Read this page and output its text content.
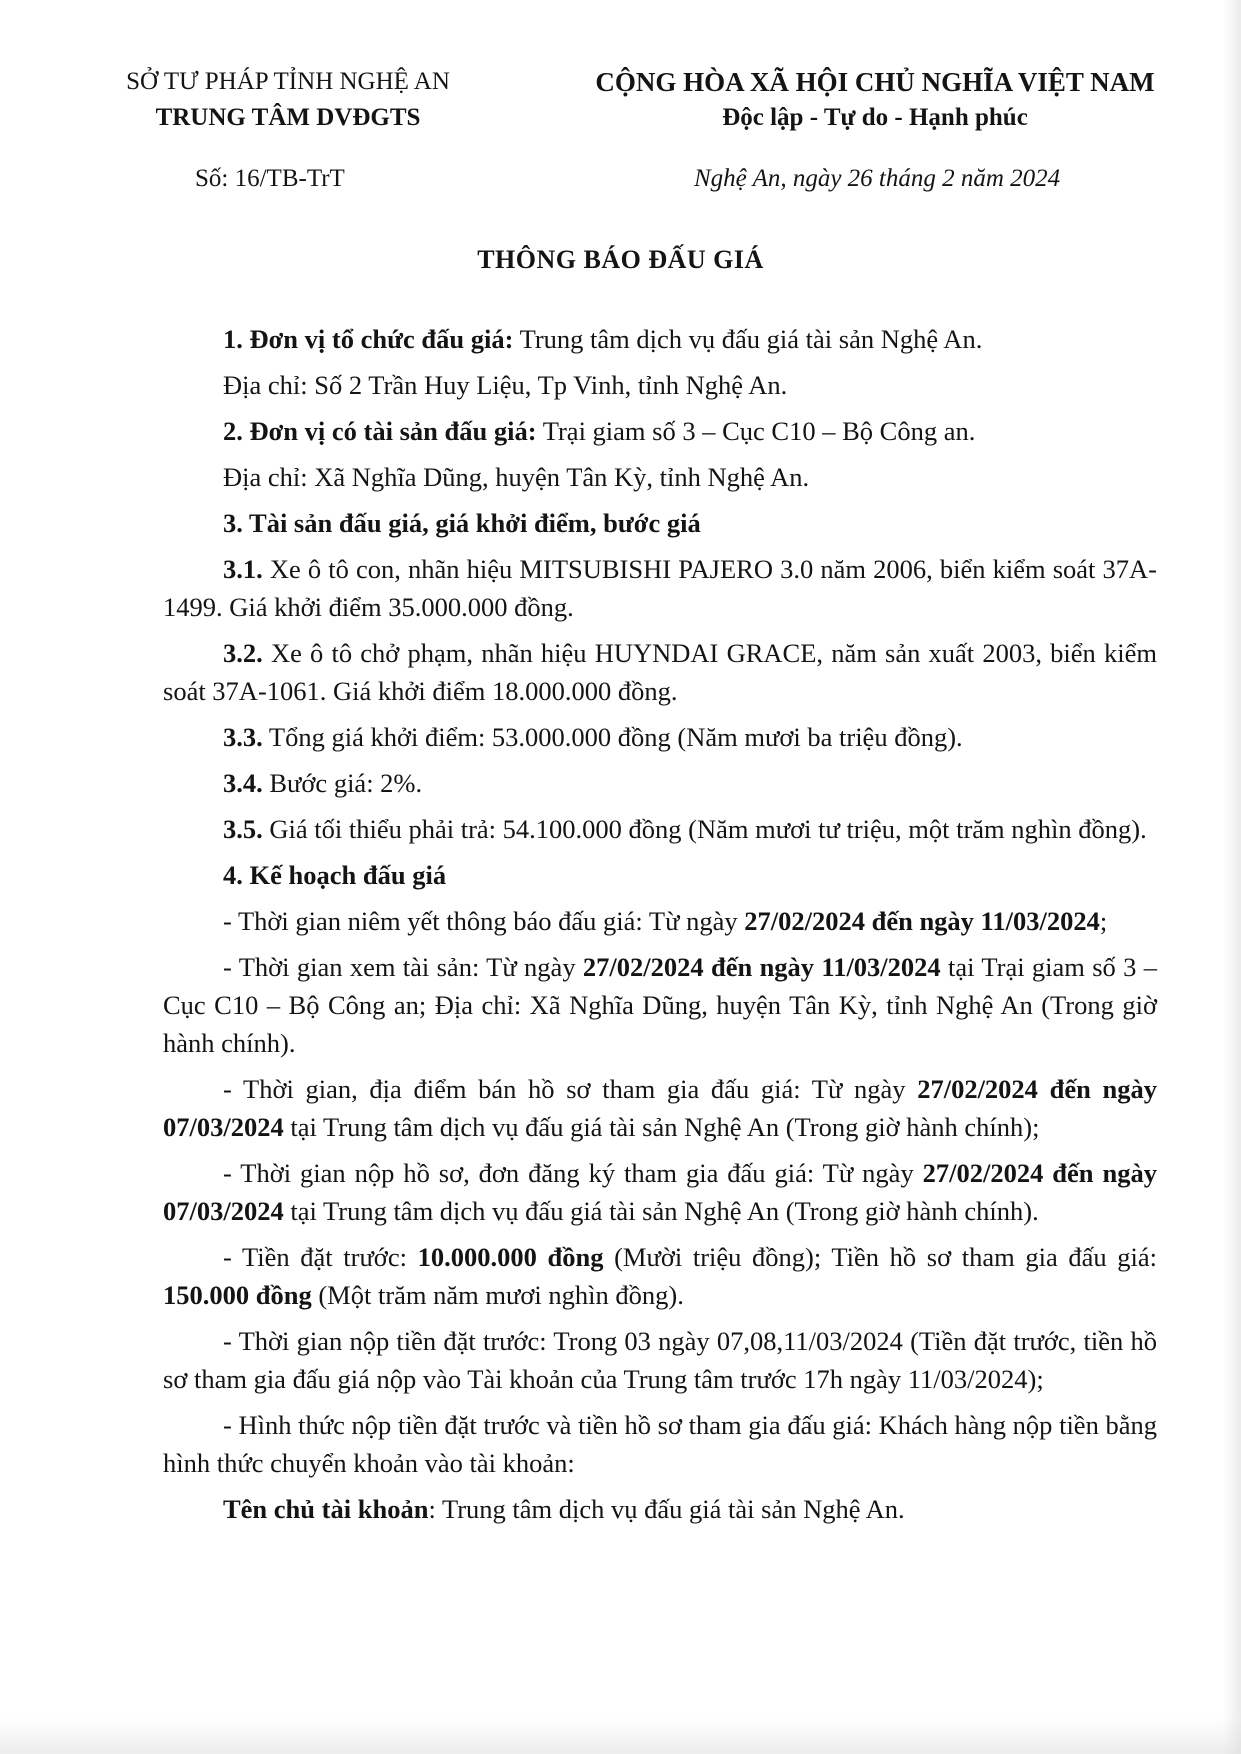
SỞ TƯ PHÁP TỈNH NGHỆ AN
TRUNG TÂM DVĐGTS
CỘNG HÒA XÃ HỘI CHỦ NGHĨA VIỆT NAM
Độc lập - Tự do - Hạnh phúc
Số: 16/TB-TrT	Nghệ An, ngày 26 tháng 2 năm 2024
THÔNG BÁO ĐẤU GIÁ

1. Đơn vị tổ chức đấu giá: Trung tâm dịch vụ đấu giá tài sản Nghệ An.

Địa chỉ: Số 2 Trần Huy Liệu, Tp Vinh, tỉnh Nghệ An.

2. Đơn vị có tài sản đấu giá: Trại giam số 3 – Cục C10 – Bộ Công an.

Địa chỉ: Xã Nghĩa Dũng, huyện Tân Kỳ, tỉnh Nghệ An.

3. Tài sản đấu giá, giá khởi điểm, bước giá

3.1. Xe ô tô con, nhãn hiệu MITSUBISHI PAJERO 3.0 năm 2006, biển kiểm soát 37A-1499. Giá khởi điểm 35.000.000 đồng.

3.2. Xe ô tô chở phạm, nhãn hiệu HUYNDAI GRACE, năm sản xuất 2003, biển kiểm soát 37A-1061. Giá khởi điểm 18.000.000 đồng.

3.3. Tổng giá khởi điểm: 53.000.000 đồng (Năm mươi ba triệu đồng).

3.4. Bước giá: 2%.

3.5. Giá tối thiểu phải trả: 54.100.000 đồng (Năm mươi tư triệu, một trăm nghìn đồng).

4. Kế hoạch đấu giá

- Thời gian niêm yết thông báo đấu giá: Từ ngày 27/02/2024 đến ngày 11/03/2024;

- Thời gian xem tài sản: Từ ngày 27/02/2024 đến ngày 11/03/2024 tại Trại giam số 3 – Cục C10 – Bộ Công an; Địa chỉ: Xã Nghĩa Dũng, huyện Tân Kỳ, tỉnh Nghệ An (Trong giờ hành chính).

- Thời gian, địa điểm bán hồ sơ tham gia đấu giá: Từ ngày 27/02/2024 đến ngày 07/03/2024 tại Trung tâm dịch vụ đấu giá tài sản Nghệ An (Trong giờ hành chính);

- Thời gian nộp hồ sơ, đơn đăng ký tham gia đấu giá: Từ ngày 27/02/2024 đến ngày 07/03/2024 tại Trung tâm dịch vụ đấu giá tài sản Nghệ An (Trong giờ hành chính).

- Tiền đặt trước: 10.000.000 đồng (Mười triệu đồng); Tiền hồ sơ tham gia đấu giá: 150.000 đồng (Một trăm năm mươi nghìn đồng).

- Thời gian nộp tiền đặt trước: Trong 03 ngày 07,08,11/03/2024 (Tiền đặt trước, tiền hồ sơ tham gia đấu giá nộp vào Tài khoản của Trung tâm trước 17h ngày 11/03/2024);

- Hình thức nộp tiền đặt trước và tiền hồ sơ tham gia đấu giá: Khách hàng nộp tiền bằng hình thức chuyển khoản vào tài khoản:

Tên chủ tài khoản: Trung tâm dịch vụ đấu giá tài sản Nghệ An.
